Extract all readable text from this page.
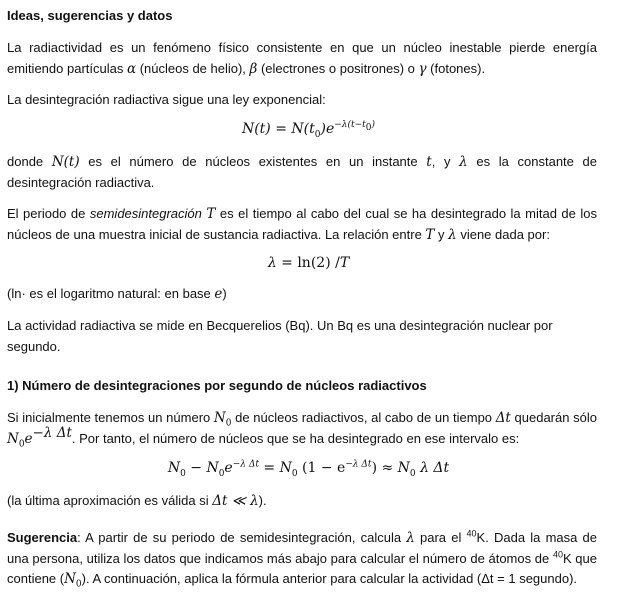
Ideas, sugerencias y datos

La radiactividad es un fenómeno físico consistente en que un núcleo inestable pierde energía emitiendo partículas α (núcleos de helio), β (electrones o positrones) o γ (fotones).

La desintegración radiactiva sigue una ley exponencial:

$N(t) = N(t_0)e^{-\lambda(t-t_0)}$

donde N(t) es el número de núcleos existentes en un instante t, y λ es la constante de desintegración radiactiva.

El periodo de semidesintegración T es el tiempo al cabo del cual se ha desintegrado la mitad de los núcleos de una muestra inicial de sustancia radiactiva. La relación entre T y λ viene dada por:

λ = ln(2) /T

(ln· es el logaritmo natural: en base e)

La actividad radiactiva se mide en Becquerelios (Bq). Un Bq es una desintegración nuclear por segundo.

1) Número de desintegraciones por segundo de núcleos radiactivos

Si inicialmente tenemos un número $N_0$ de núcleos radiactivos, al cabo de un tiempo Δt quedarán sólo $N_0e^{-\lambda \Delta t}$. Por tanto, el número de núcleos que se ha desintegrado en ese intervalo es:

$N_0 - N_0e^{-\lambda \Delta t} = N_0$ $(1 - e^{-\lambda \Delta t}) \approx N_0$ λ Δt

(la última aproximación es válida si Δt ≪ λ).

Sugerencia: A partir de su periodo de semidesintegración, calcula λ para el $^{40}$K. Dada la masa de una persona, utiliza los datos que indicamos más abajo para calcular el número de átomos de $^{40}$K que contiene $(N_0)$. A continuación, aplica la fórmula anterior para calcular la actividad (Δt = 1 segundo).
